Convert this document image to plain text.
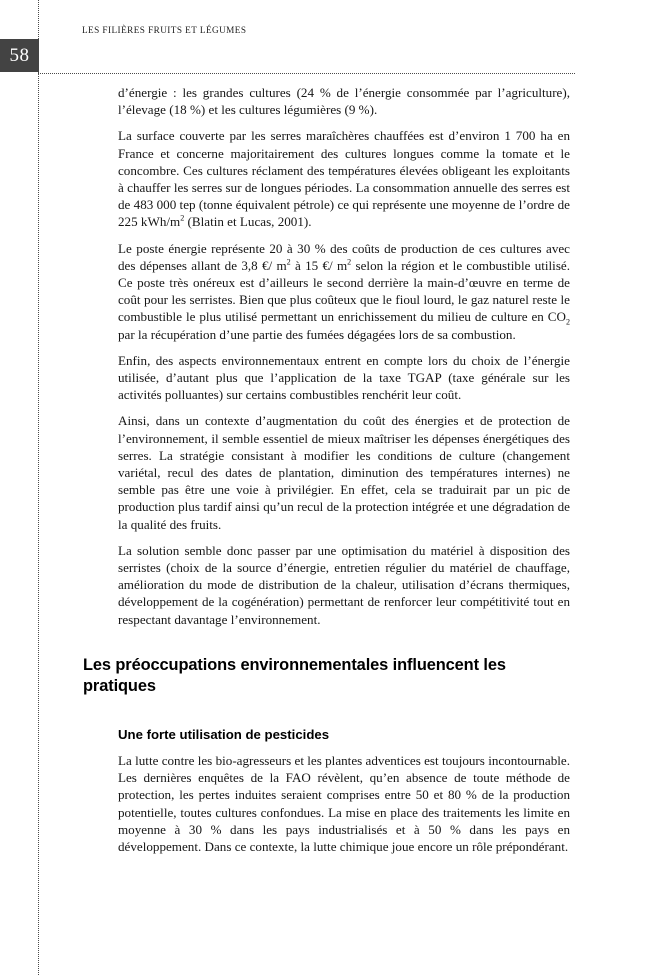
58
LES FILIÈRES FRUITS ET LÉGUMES

d’énergie : les grandes cultures (24 % de l’énergie consommée par l’agriculture), l’élevage (18 %) et les cultures légumières (9 %).

La surface couverte par les serres maraîchères chauffées est d’environ 1 700 ha en France et concerne majoritairement des cultures longues comme la tomate et le concombre. Ces cultures réclament des températures élevées obligeant les exploitants à chauffer les serres sur de longues périodes. La consommation annuelle des serres est de 483 000 tep (tonne équivalent pétrole) ce qui représente une moyenne de l’ordre de 225 kWh/$m^2$ (Blatin et Lucas, 2001).

Le poste énergie représente 20 à 30 % des coûts de production de ces cultures avec des dépenses allant de 3,8 €/ $m^2$ à 15 €/ $m^2$ selon la région et le combustible utilisé. Ce poste très onéreux est d’ailleurs le second derrière la main-d’œuvre en terme de coût pour les serristes. Bien que plus coûteux que le fioul lourd, le gaz naturel reste le combustible le plus utilisé permettant un enrichissement du milieu de culture en $CO_2$ par la récupération d’une partie des fumées dégagées lors de sa combustion.

Enfin, des aspects environnementaux entrent en compte lors du choix de l’énergie utilisée, d’autant plus que l’application de la taxe TGAP (taxe générale sur les activités polluantes) sur certains combustibles renchérit leur coût.

Ainsi, dans un contexte d’augmentation du coût des énergies et de protection de l’environnement, il semble essentiel de mieux maîtriser les dépenses énergétiques des serres. La stratégie consistant à modifier les conditions de culture (changement variétal, recul des dates de plantation, diminution des températures internes) ne semble pas être une voie à privilégier. En effet, cela se traduirait par un pic de production plus tardif ainsi qu’un recul de la protection intégrée et une dégradation de la qualité des fruits.

La solution semble donc passer par une optimisation du matériel à disposition des serristes (choix de la source d’énergie, entretien régulier du matériel de chauffage, amélioration du mode de distribution de la chaleur, utilisation d’écrans thermiques, développement de la cogénération) permettant de renforcer leur compétitivité tout en respectant davantage l’environnement.

Les préoccupations environnementales influencent les pratiques
Une forte utilisation de pesticides

La lutte contre les bio-agresseurs et les plantes adventices est toujours incontournable. Les dernières enquêtes de la FAO révèlent, qu’en absence de toute méthode de protection, les pertes induites seraient comprises entre 50 et 80 % de la production potentielle, toutes cultures confondues. La mise en place des traitements les limite en moyenne à 30 % dans les pays industrialisés et à 50 % dans les pays en développement. Dans ce contexte, la lutte chimique joue encore un rôle prépondérant.
